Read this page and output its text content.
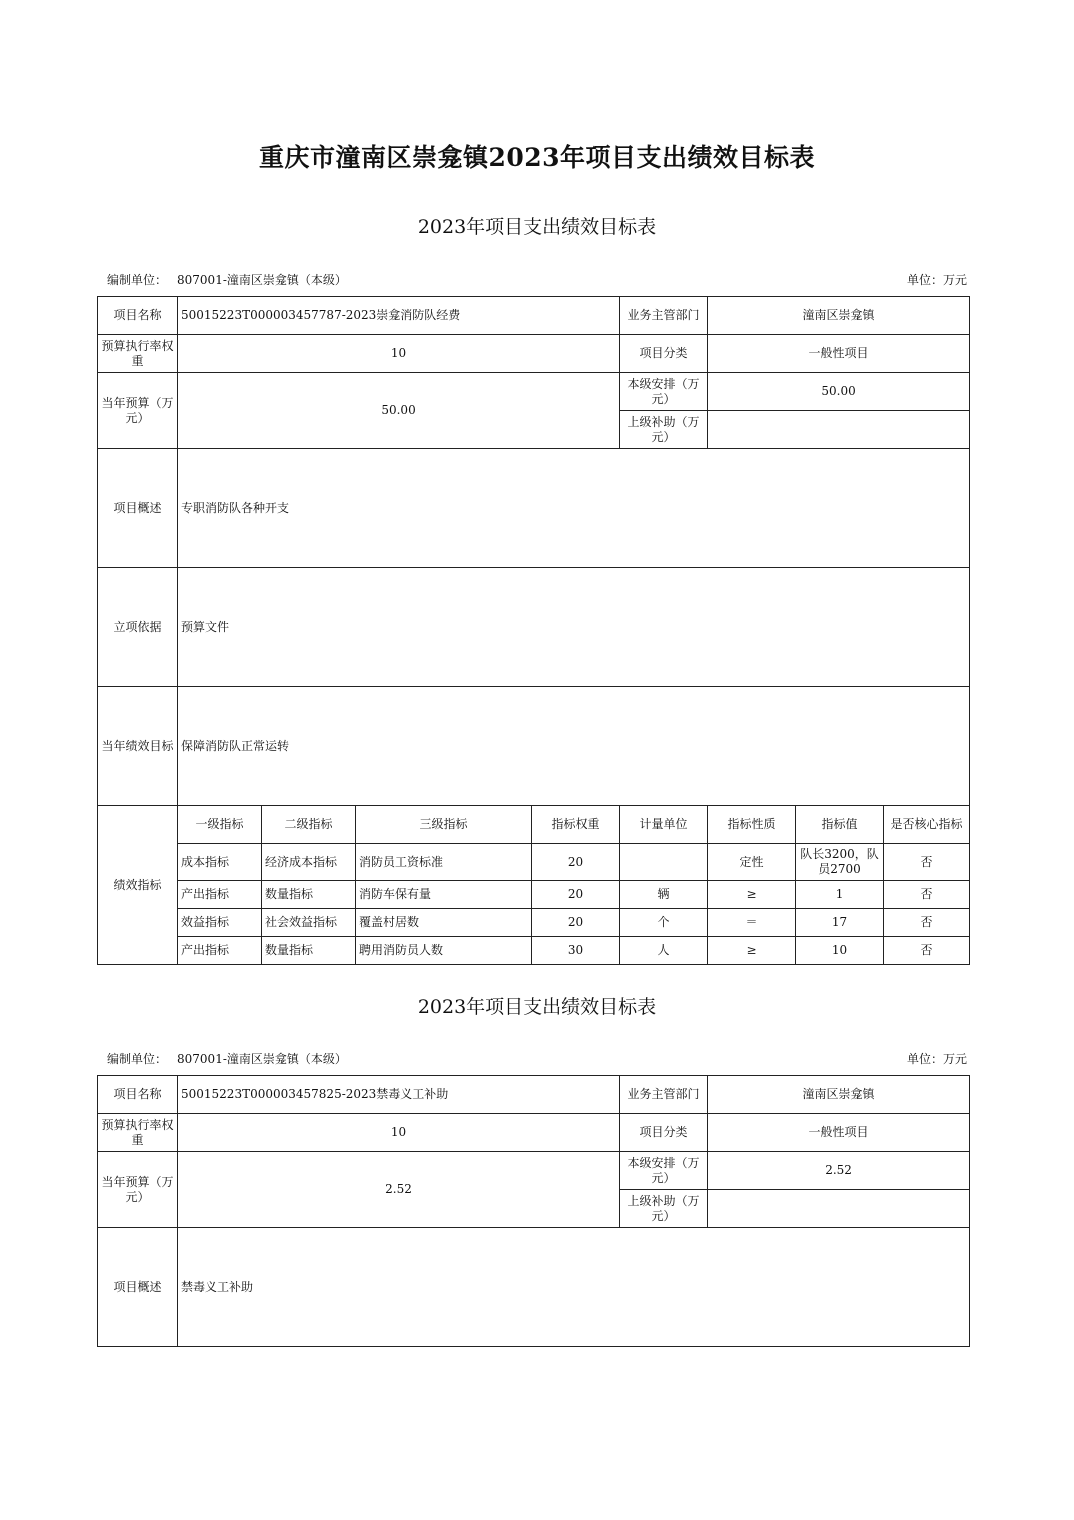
重庆市潼南区崇龛镇2023年项目支出绩效目标表
2023年项目支出绩效目标表
编制单位： 807001-潼南区崇龛镇（本级）	单位：万元
项目名称	50015223T000003457787-2023崇龛消防队经费				业务主管部门	潼南区崇龛镇		
预算执行率权重	10				项目分类	一般性项目		
当年预算（万元）	50.00				本级安排（万元）	50.00		
					上级补助（万元）			
项目概述	专职消防队各种开支							
立项依据	预算文件							
当年绩效目标	保障消防队正常运转							
绩效指标	一级指标	二级指标	三级指标	指标权重	计量单位	指标性质	指标值	是否核心指标
	成本指标	经济成本指标	消防员工资标准	20		定性	队长3200，队员2700	否
	产出指标	数量指标	消防车保有量	20	辆	≥	1	否
	效益指标	社会效益指标	覆盖村居数	20	个	＝	17	否
	产出指标	数量指标	聘用消防员人数	30	人	≥	10	否
2023年项目支出绩效目标表
编制单位： 807001-潼南区崇龛镇（本级）	单位：万元
项目名称	50015223T000003457825-2023禁毒义工补助	业务主管部门	潼南区崇龛镇
预算执行率权重	10	项目分类	一般性项目
当年预算（万元）	2.52	本级安排（万元）	2.52
		上级补助（万元）	
项目概述	禁毒义工补助		
